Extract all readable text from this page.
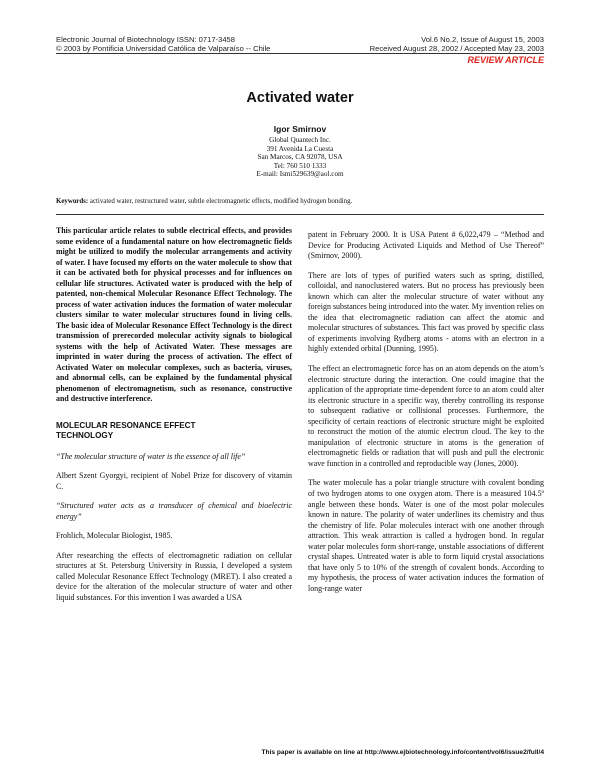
Electronic Journal of Biotechnology ISSN: 0717-3458
© 2003 by Pontificia Universidad Católica de Valparaíso -- Chile
Vol.6 No.2, Issue of August 15, 2003
Received August 28, 2002 / Accepted May 23, 2003
REVIEW ARTICLE
Activated water
Igor Smirnov
Global Quantech Inc.
391 Avenida La Cuesta
San Marcos, CA 92078, USA
Tel: 760 510 1333
E-mail: Ismi529639@aol.com
Keywords: activated water, restructured water, subtle electromagnetic effects, modified hydrogen bonding.

This particular article relates to subtle electrical effects, and provides some evidence of a fundamental nature on how electromagnetic fields might be utilized to modify the molecular arrangements and activity of water. I have focused my efforts on the water molecule to show that it can be activated both for physical processes and for influences on cellular life structures. Activated water is produced with the help of patented, non-chemical Molecular Resonance Effect Technology. The process of water activation induces the formation of water molecular clusters similar to water molecular structures found in living cells. The basic idea of Molecular Resonance Effect Technology is the direct transmission of prerecorded molecular activity signals to biological systems with the help of Activated Water. These messages are imprinted in water during the process of activation. The effect of Activated Water on molecular complexes, such as bacteria, viruses, and abnormal cells, can be explained by the fundamental physical phenomenon of electromagnetism, such as resonance, constructive and destructive interference.

MOLECULAR RESONANCE EFFECT
TECHNOLOGY

“The molecular structure of water is the essence of all life”

Albert Szent Gyorgyi, recipient of Nobel Prize for discovery of vitamin C.

“Structured water acts as a transducer of chemical and bioelectric energy”

Frohlich, Molecular Biologist, 1985.

After researching the effects of electromagnetic radiation on cellular structures at St. Petersburg University in Russia, I developed a system called Molecular Resonance Effect Technology (MRET). I also created a device for the alteration of the molecular structure of water and other liquid substances. For this invention I was awarded a USA

patent in February 2000. It is USA Patent # 6,022,479 – “Method and Device for Producing Activated Liquids and Method of Use Thereof” (Smirnov, 2000).

There are lots of types of purified waters such as spring, distilled, colloidal, and nanoclustered waters. But no process has previously been known which can alter the molecular structure of water without any foreign substances being introduced into the water. My invention relies on the idea that electromagnetic radiation can affect the atomic and molecular structures of substances. This fact was proved by specific class of experiments involving Rydberg atoms - atoms with an electron in a highly extended orbital (Dunning, 1995).

The effect an electromagnetic force has on an atom depends on the atom’s electronic structure during the interaction. One could imagine that the application of the appropriate time-dependent force to an atom could alter its electronic structure in a specific way, thereby controlling its response to subsequent radiative or collisional processes. Furthermore, the specificity of certain reactions of electronic structure might be exploited to reconstruct the motion of the atomic electron cloud. The key to the manipulation of electronic structure in atoms is the generation of electromagnetic fields or radiation that will push and pull the electronic wave function in a controlled and reproducible way (Jones, 2000).

The water molecule has a polar triangle structure with covalent bonding of two hydrogen atoms to one oxygen atom. There is a measured 104.5º angle between these bonds. Water is one of the most polar molecules known in nature. The polarity of water underlines its chemistry and thus the chemistry of life. Polar molecules interact with one another through attraction. This weak attraction is called a hydrogen bond. In regular water polar molecules form short-range, unstable associations of different crystal shapes. Untreated water is able to form liquid crystal associations that have only 5 to 10% of the strength of covalent bonds. According to my hypothesis, the process of water activation induces the formation of long-range water

This paper is available on line at http://www.ejbiotechnology.info/content/vol6/issue2/full/4
